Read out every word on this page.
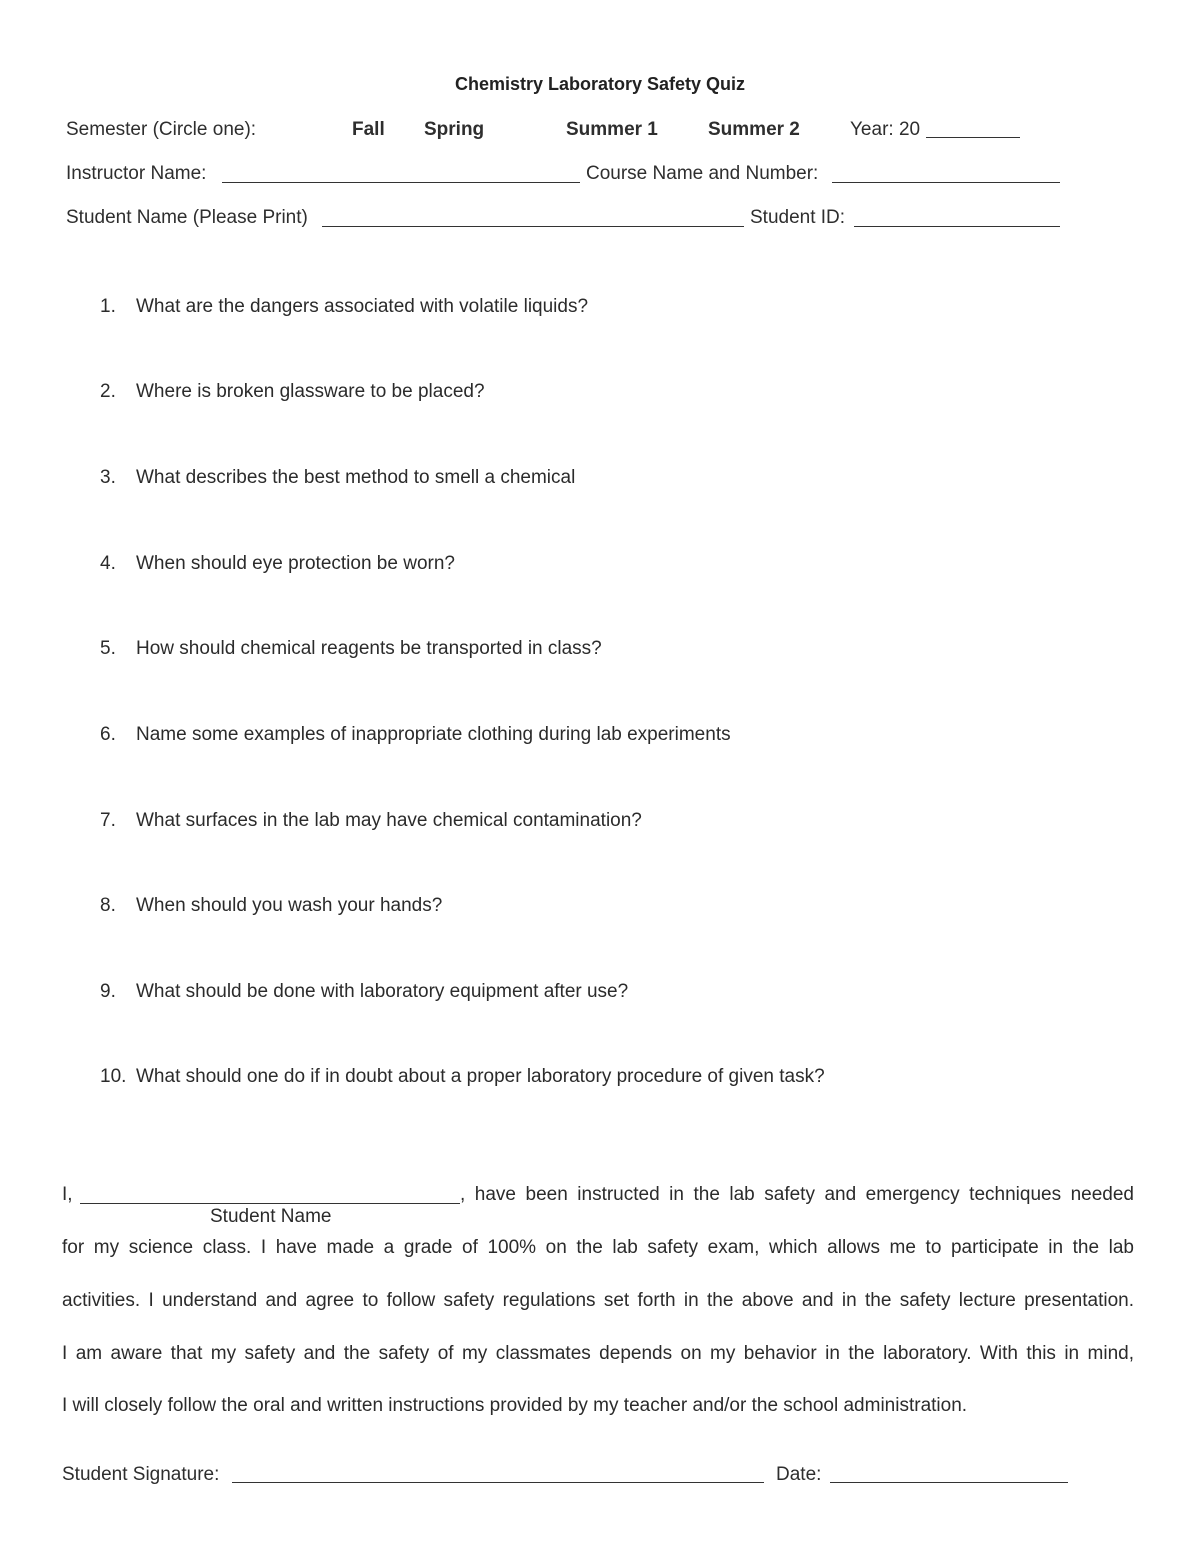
Chemistry Laboratory Safety Quiz
Semester (Circle one):	Fall Spring	Summer 1	Summer 2	Year: 20
Instructor Name:	Course Name and Number:
Student Name (Please Print)	Student ID:
1. What are the dangers associated with volatile liquids?
2. Where is broken glassware to be placed?
3. What describes the best method to smell a chemical
4. When should eye protection be worn?
5. How should chemical reagents be transported in class?
6. Name some examples of inappropriate clothing during lab experiments
7. What surfaces in the lab may have chemical contamination?
8. When should you wash your hands?
9. What should be done with laboratory equipment after use?
10. What should one do if in doubt about a proper laboratory procedure of given task?
I,	, have been instructed in the lab safety and emergency techniques needed
Student Name
for my science class. I have made a grade of 100% on the lab safety exam, which allows me to participate in the lab
activities. I understand and agree to follow safety regulations set forth in the above and in the safety lecture presentation.
I am aware that my safety and the safety of my classmates depends on my behavior in the laboratory. With this in mind,
I will closely follow the oral and written instructions provided by my teacher and/or the school administration.
Student Signature:	Date:
